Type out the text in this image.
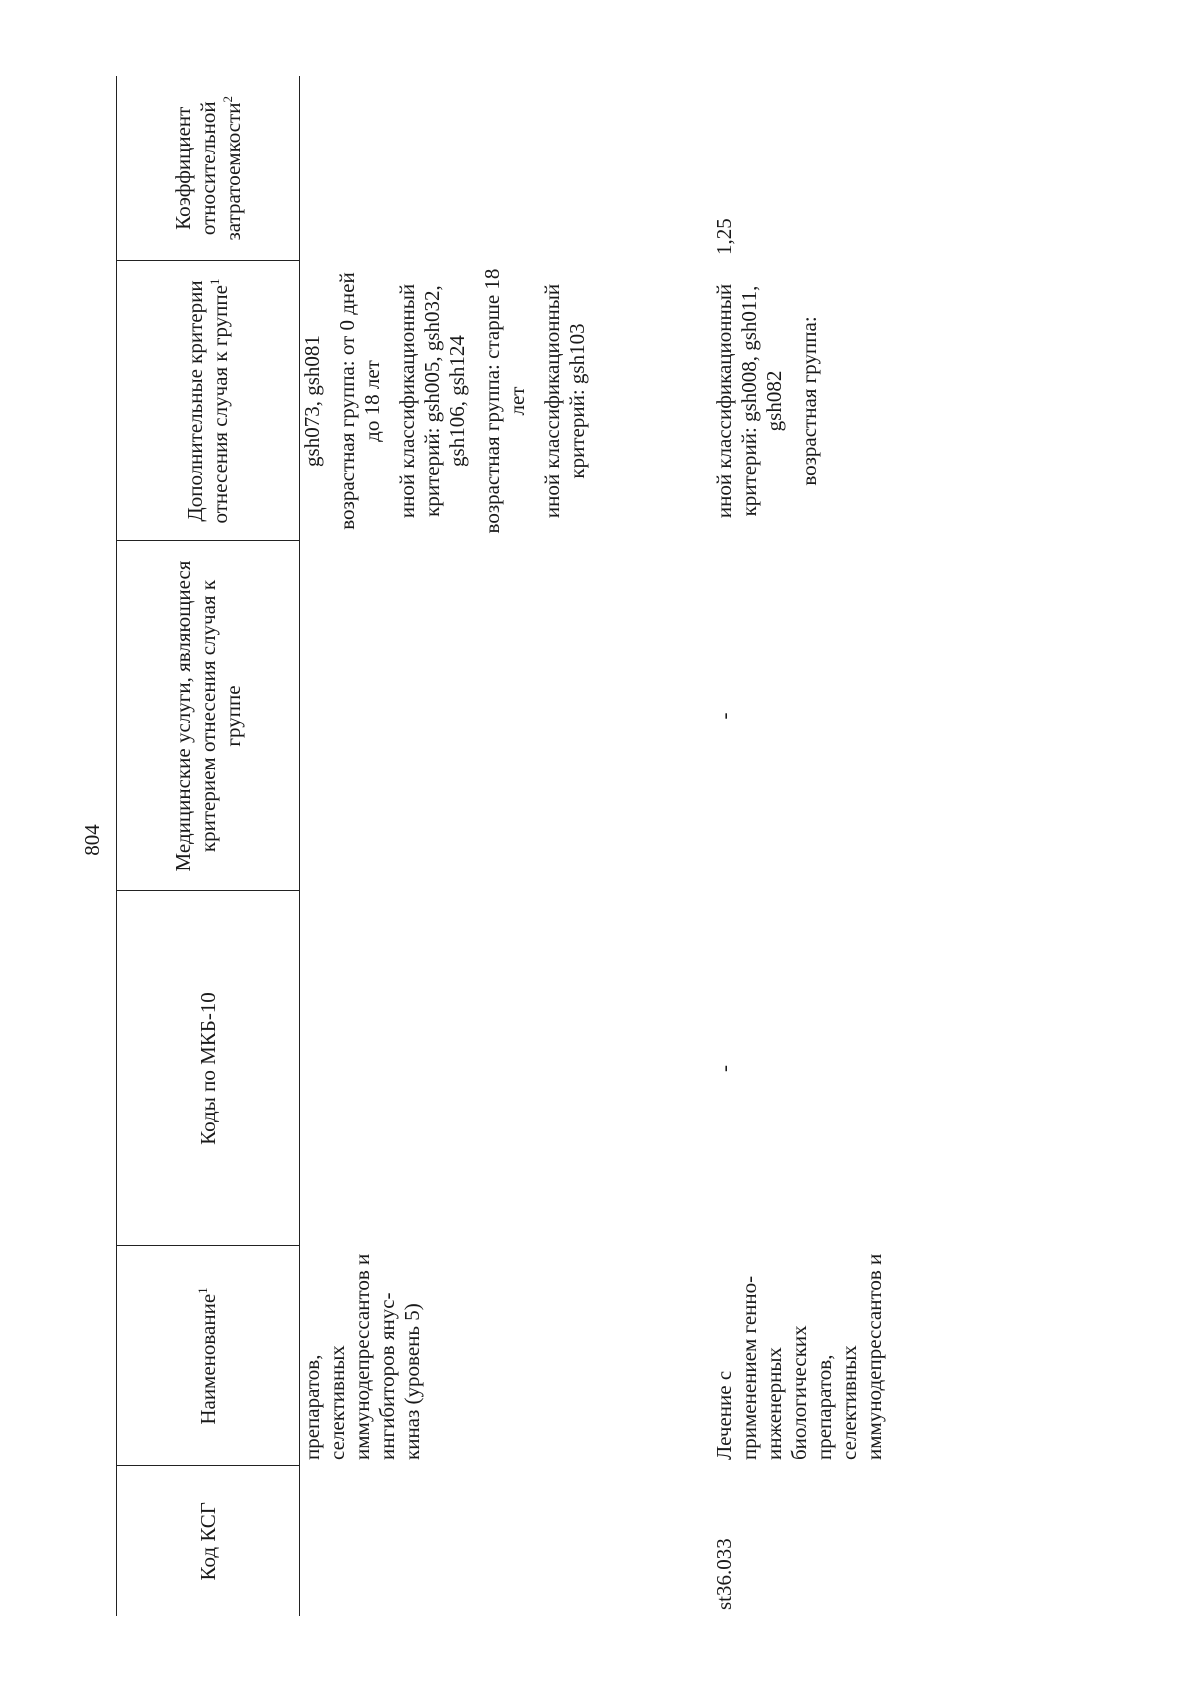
804
Код КСГ	Наименование$^1$	Коды по МКБ-10	Медицинские услуги, являющиеся критерием отнесения случая к группе	Дополнительные критерии отнесения случая к группе$^1$	Коэффициент относительной затратоемкости$^2$
	препаратов, селективных иммунодепрессантов и ингибиторов янус-киназ (уровень 5)			gsh073, gsh081 возрастная группа: от 0 дней до 18 лет иной классификационный критерий: gsh005, gsh032, gsh106, gsh124 возрастная группа: старше 18 лет иной классификационный критерий: gsh103	

st36.033	Лечение с применением генно-инженерных биологических препаратов, селективных иммунодепрессантов и	-	-	иной классификационный критерий: gsh008, gsh011, gsh082 возрастная группа:	1,25
